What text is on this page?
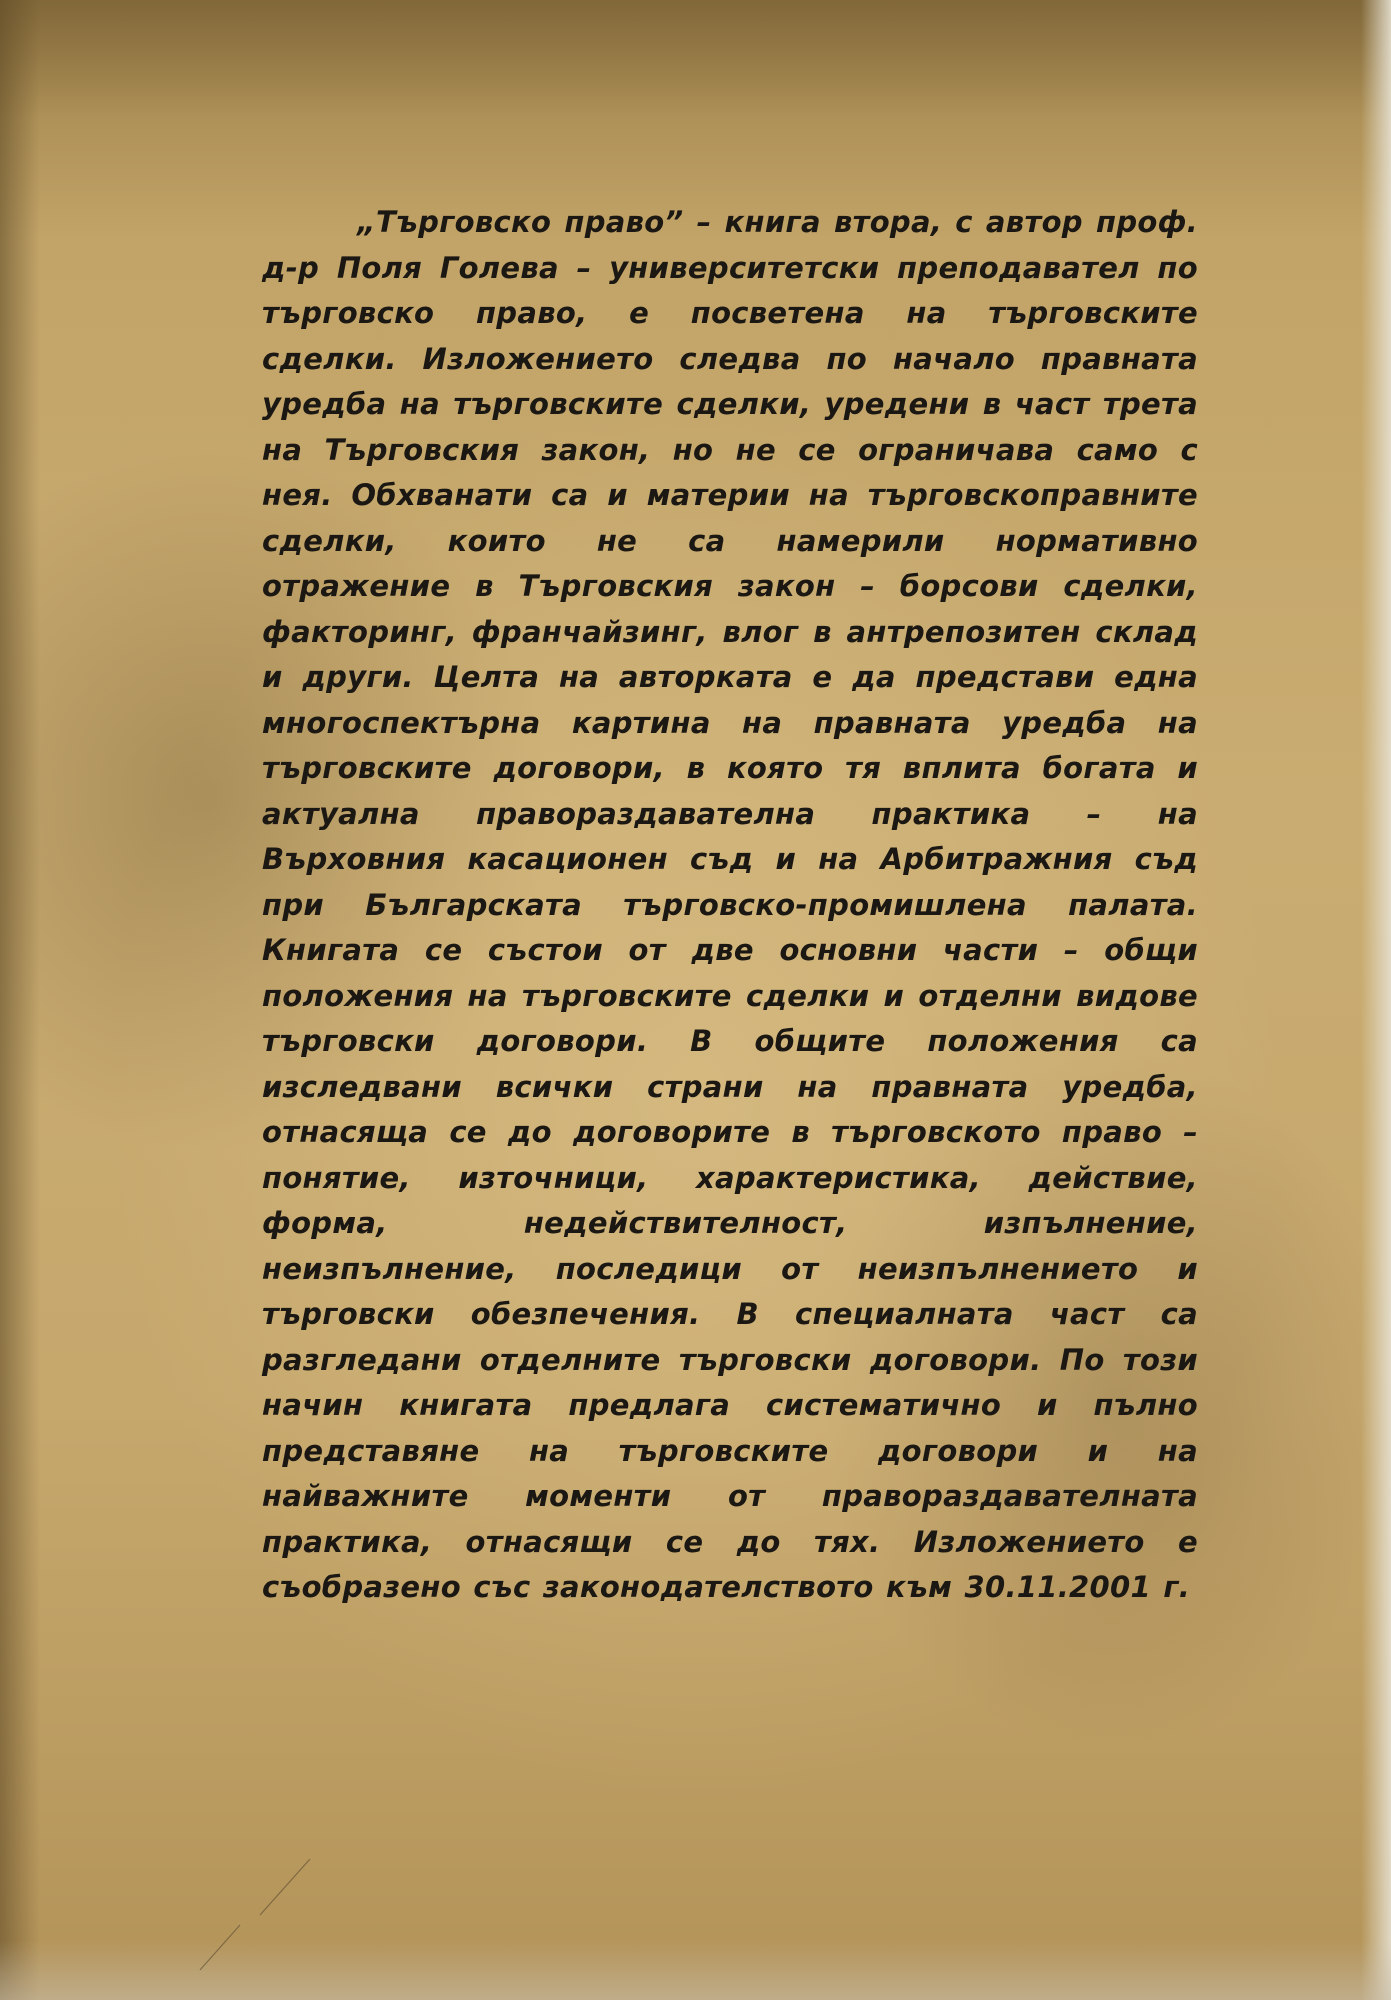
„Търговско право” – книга втора, с автор проф. д-р Поля Голева – университетски преподавател по търговско право, е посветена на търговските сделки. Изложението следва по начало правната уредба на търговските сделки, уредени в част трета на Търговския закон, но не се ограничава само с нея. Обхванати са и материи на търговскоправните сделки, които не са намерили нормативно отражение в Търговския закон – борсови сделки, факторинг, франчайзинг, влог в антрепозитен склад и други. Целта на авторката е да представи една многоспектърна картина на правната уредба на търговските договори, в която тя вплита богата и актуална правораздавателна практика – на Върховния касационен съд и на Арбитражния съд при Българската търговско-промишлена палата. Книгата се състои от две основни части – общи положения на търговските сделки и отделни видове търговски договори. В общите положения са изследвани всички страни на правната уредба, отнасяща се до договорите в търговското право – понятие, източници, характеристика, действие, форма, недействителност, изпълнение, неизпълнение, последици от неизпълнението и търговски обезпечения. В специалната част са разгледани отделните търговски договори. По този начин книгата предлага систематично и пълно представяне на търговските договори и на найважните моменти от правораздавателната практика, отнасящи се до тях. Изложението е съобразено със законодателството към 30.11.2001 г.
